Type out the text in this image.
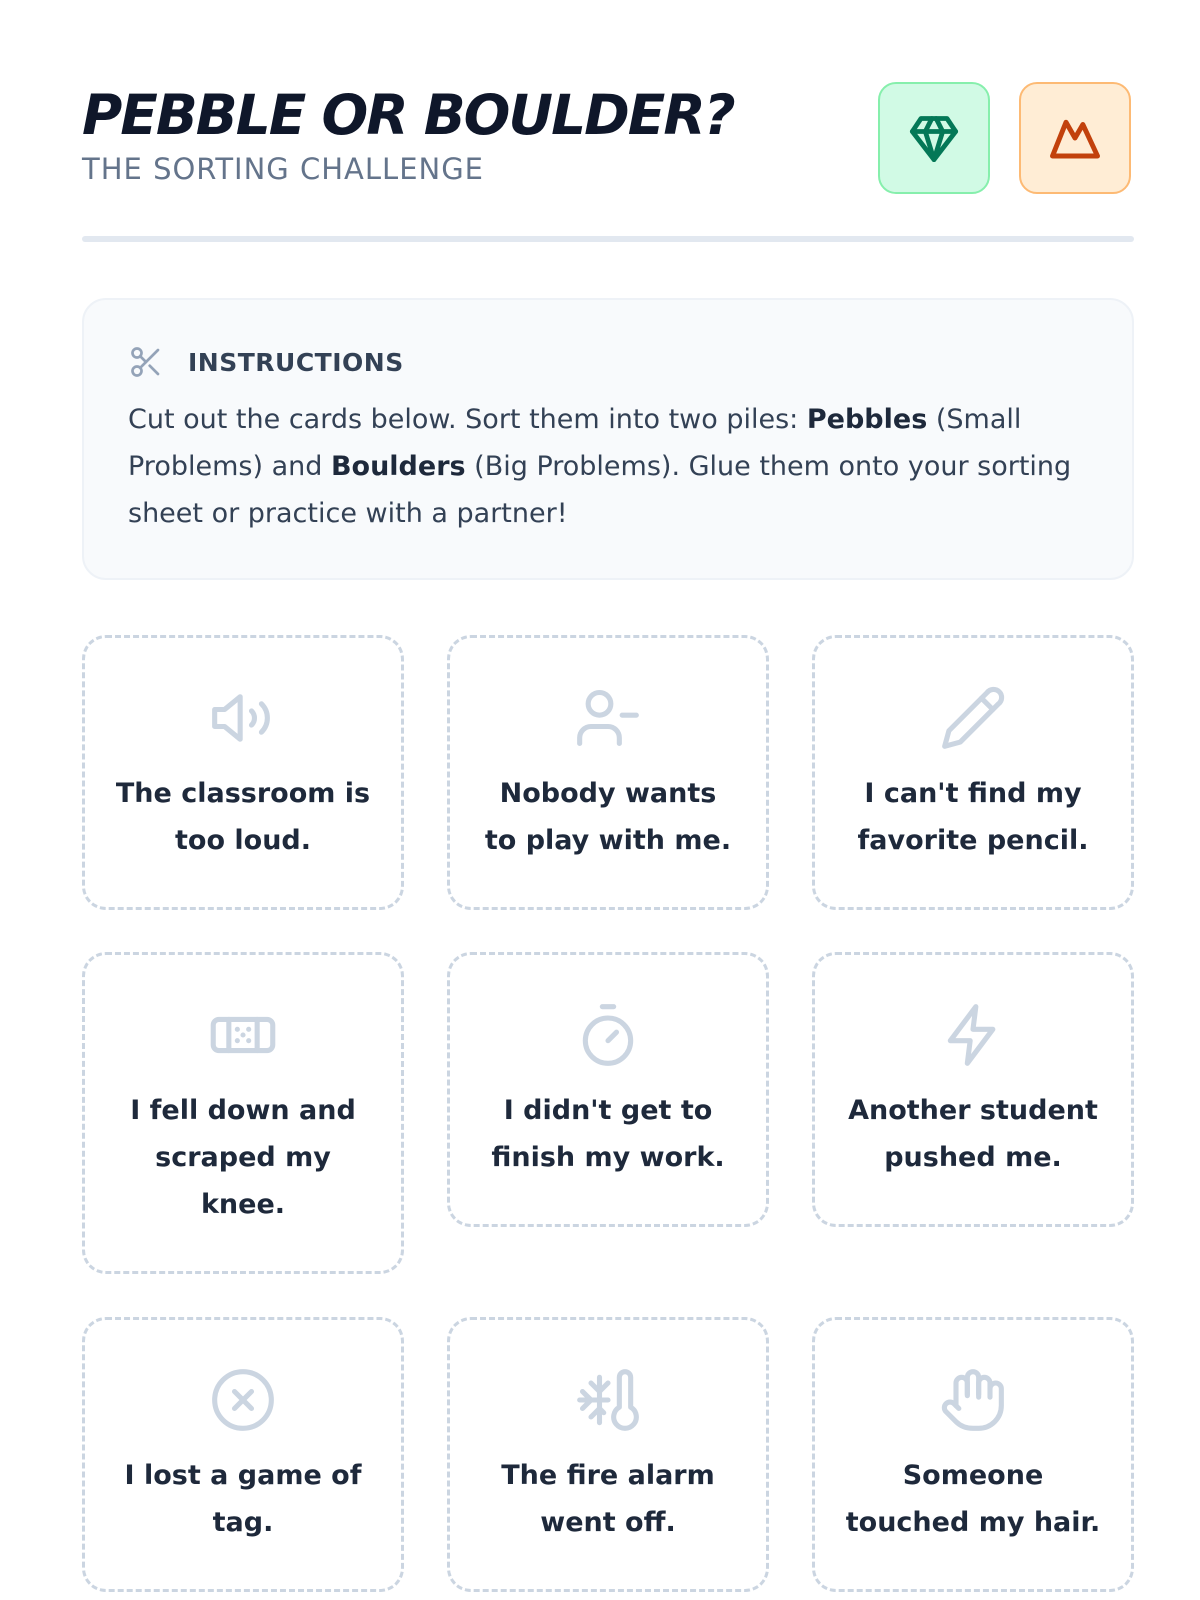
PEBBLE OR BOULDER?
THE SORTING CHALLENGE
INSTRUCTIONS

Cut out the cards below. Sort them into two piles: Pebbles (Small Problems) and Boulders (Big Problems). Glue them onto your sorting sheet or practice with a partner!

The classroom is too loud.
Nobody wants to play with me.
I can't find my favorite pencil.
I fell down and scraped my knee.
I didn't get to finish my work.
Another student pushed me.
I lost a game of tag.
The fire alarm went off.
Someone touched my hair.
